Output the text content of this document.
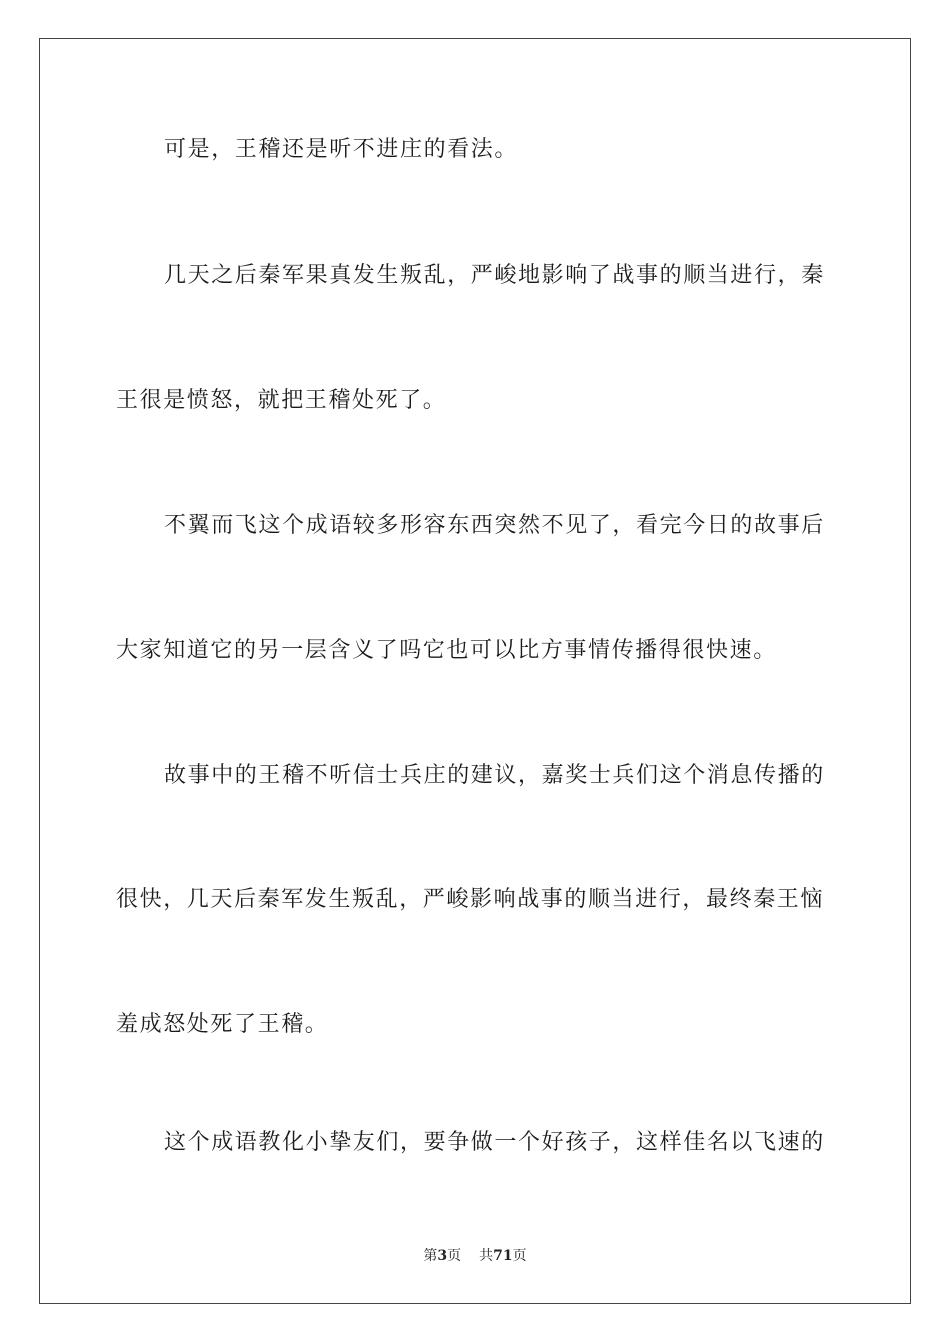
可是，王稽还是听不进庄的看法。
几天之后秦军果真发生叛乱，严峻地影响了战事的顺当进行，秦
王很是愤怒，就把王稽处死了。
不翼而飞这个成语较多形容东西突然不见了，看完今日的故事后
大家知道它的另一层含义了吗它也可以比方事情传播得很快速。
故事中的王稽不听信士兵庄的建议，嘉奖士兵们这个消息传播的
很快，几天后秦军发生叛乱，严峻影响战事的顺当进行，最终秦王恼
羞成怒处死了王稽。
这个成语教化小挚友们，要争做一个好孩子，这样佳名以飞速的
第3页 共71页
